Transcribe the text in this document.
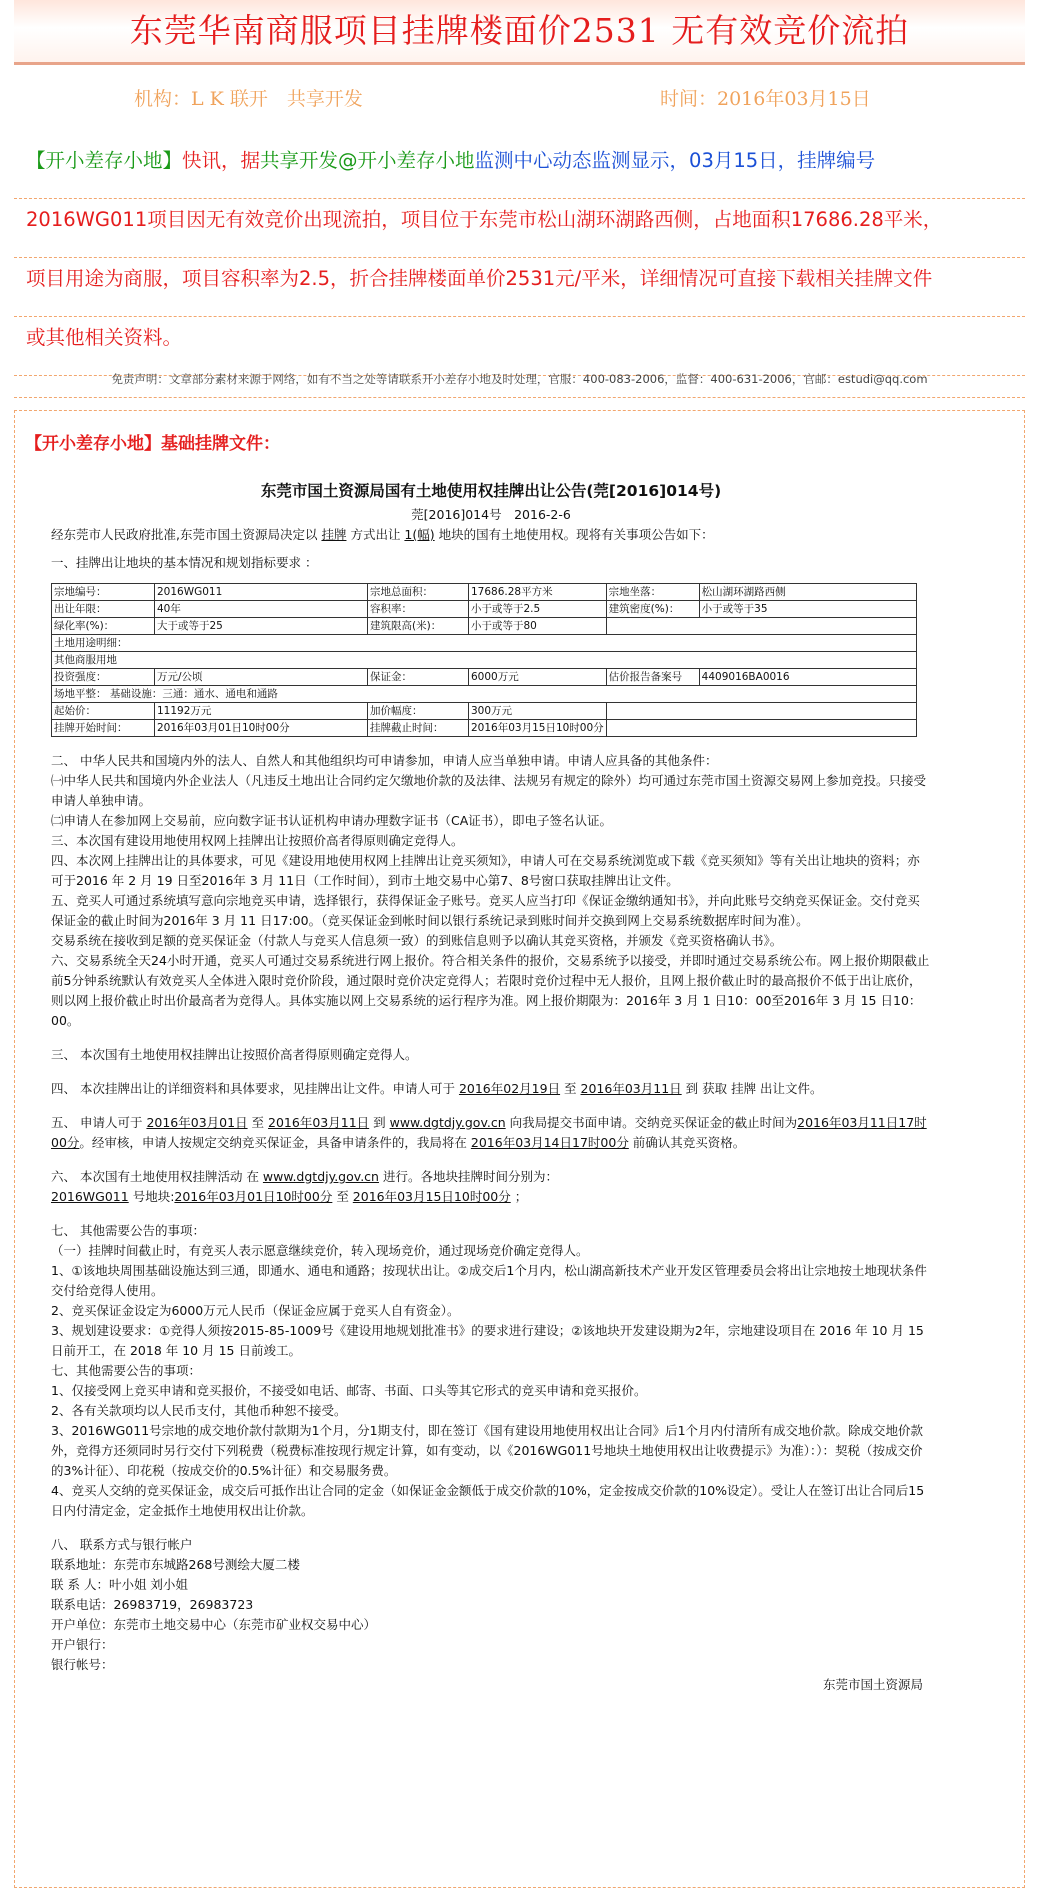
东莞华南商服项目挂牌楼面价2531 无有效竞价流拍
机构：L K 联开　共享开发	时间：2016年03月15日
【开小差存小地】快讯，据共享开发@开小差存小地监测中心动态监测显示，03月15日，挂牌编号
2016WG011项目因无有效竞价出现流拍，项目位于东莞市松山湖环湖路西侧，占地面积17686.28平米，
项目用途为商服，项目容积率为2.5，折合挂牌楼面单价2531元/平米，详细情况可直接下载相关挂牌文件
或其他相关资料。
免责声明：文章部分素材来源于网络，如有不当之处等请联系开小差存小地及时处理，官服：400-083-2006，监督：400-631-2006，官邮：estudi@qq.com
【开小差存小地】基础挂牌文件：
东莞市国土资源局国有土地使用权挂牌出让公告(莞[2016]014号)
莞[2016]014号　2016-2-6

经东莞市人民政府批准,东莞市国土资源局决定以 挂牌 方式出让 1(幅) 地块的国有土地使用权。现将有关事项公告如下：

一、挂牌出让地块的基本情况和规划指标要求 ：

宗地编号：	2016WG011	宗地总面积：	17686.28平方米	宗地坐落：	松山湖环湖路西侧
出让年限：	40年	容积率：	小于或等于2.5	建筑密度(%)：	小于或等于35
绿化率(%)：	大于或等于25	建筑限高(米)：	小于或等于80		
土地用途明细：					
其他商服用地					
投资强度：	万元/公顷	保证金：	6000万元	估价报告备案号	4409016BA0016
场地平整： 基础设施：三通：通水、通电和通路					
起始价：	11192万元	加价幅度：	300万元		
挂牌开始时间：	2016年03月01日10时00分	挂牌截止时间：	2016年03月15日10时00分		

二、 中华人民共和国境内外的法人、自然人和其他组织均可申请参加，申请人应当单独申请。申请人应具备的其他条件：

㈠中华人民共和国境内外企业法人（凡违反土地出让合同约定欠缴地价款的及法律、法规另有规定的除外）均可通过东莞市国土资源交易网上参加竞投。只接受申请人单独申请。

㈡申请人在参加网上交易前，应向数字证书认证机构申请办理数字证书（CA证书），即电子签名认证。

三、本次国有建设用地使用权网上挂牌出让按照价高者得原则确定竞得人。

四、本次网上挂牌出让的具体要求，可见《建设用地使用权网上挂牌出让竞买须知》，申请人可在交易系统浏览或下载《竞买须知》等有关出让地块的资料；亦可于2016 年 2 月 19 日至2016年 3 月 11日（工作时间），到市土地交易中心第7、8号窗口获取挂牌出让文件。

五、竞买人可通过系统填写意向宗地竞买申请，选择银行，获得保证金子账号。竞买人应当打印《保证金缴纳通知书》，并向此账号交纳竞买保证金。交付竞买保证金的截止时间为2016年 3 月 11 日17:00。（竞买保证金到帐时间以银行系统记录到账时间并交换到网上交易系统数据库时间为准）。

交易系统在接收到足额的竞买保证金（付款人与竞买人信息须一致）的到账信息则予以确认其竞买资格，并颁发《竞买资格确认书》。

六、交易系统全天24小时开通，竞买人可通过交易系统进行网上报价。符合相关条件的报价，交易系统予以接受，并即时通过交易系统公布。网上报价期限截止前5分钟系统默认有效竞买人全体进入限时竞价阶段，通过限时竞价决定竞得人；若限时竞价过程中无人报价，且网上报价截止时的最高报价不低于出让底价，则以网上报价截止时出价最高者为竞得人。具体实施以网上交易系统的运行程序为准。网上报价期限为：2016年 3 月 1 日10：00至2016年 3 月 15 日10：00。

三、 本次国有土地使用权挂牌出让按照价高者得原则确定竞得人。

四、 本次挂牌出让的详细资料和具体要求，见挂牌出让文件。申请人可于 2016年02月19日 至 2016年03月11日 到 获取 挂牌 出让文件。

五、 申请人可于 2016年03月01日 至 2016年03月11日 到 www.dgtdjy.gov.cn 向我局提交书面申请。交纳竞买保证金的截止时间为2016年03月11日17时00分。经审核，申请人按规定交纳竞买保证金，具备申请条件的，我局将在 2016年03月14日17时00分 前确认其竞买资格。

六、 本次国有土地使用权挂牌活动 在 www.dgtdjy.gov.cn 进行。各地块挂牌时间分别为：
2016WG011 号地块:2016年03月01日10时00分 至 2016年03月15日10时00分 ；

七、 其他需要公告的事项：

（一）挂牌时间截止时，有竞买人表示愿意继续竞价，转入现场竞价，通过现场竞价确定竞得人。

1、①该地块周围基础设施达到三通，即通水、通电和通路；按现状出让。②成交后1个月内，松山湖高新技术产业开发区管理委员会将出让宗地按土地现状条件交付给竞得人使用。

2、竞买保证金设定为6000万元人民币（保证金应属于竞买人自有资金）。

3、规划建设要求：①竞得人须按2015-85-1009号《建设用地规划批准书》的要求进行建设；②该地块开发建设期为2年，宗地建设项目在 2016 年 10 月 15 日前开工，在 2018 年 10 月 15 日前竣工。

七、其他需要公告的事项：

1、仅接受网上竞买申请和竞买报价，不接受如电话、邮寄、书面、口头等其它形式的竞买申请和竞买报价。

2、各有关款项均以人民币支付，其他币种恕不接受。

3、2016WG011号宗地的成交地价款付款期为1个月，分1期支付，即在签订《国有建设用地使用权出让合同》后1个月内付清所有成交地价款。除成交地价款外，竞得方还须同时另行交付下列税费（税费标准按现行规定计算，如有变动，以《2016WG011号地块土地使用权出让收费提示》为准）：）：契税（按成交价的3%计征）、印花税（按成交价的0.5%计征）和交易服务费。

4、竞买人交纳的竞买保证金，成交后可抵作出让合同的定金（如保证金金额低于成交价款的10%，定金按成交价款的10%设定）。受让人在签订出让合同后15日内付清定金，定金抵作土地使用权出让价款。

八、 联系方式与银行帐户

联系地址：东莞市东城路268号测绘大厦二楼

联 系 人：叶小姐 刘小姐

联系电话：26983719，26983723

开户单位：东莞市土地交易中心（东莞市矿业权交易中心）

开户银行：

银行帐号：

东莞市国土资源局
